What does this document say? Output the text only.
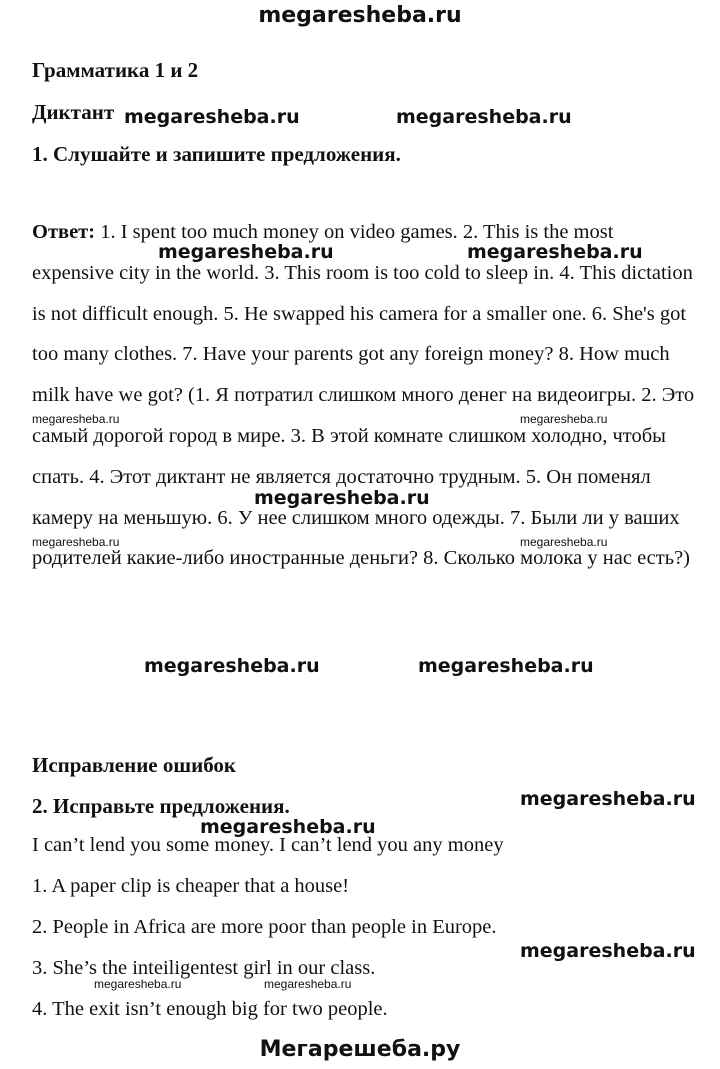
megaresheba.ru
Грамматика 1 и 2
Диктант
1. Слушайте и запишите предложения.
Ответ: 1. I spent too much money on video games. 2. This is the most expensive city in the world. 3. This room is too cold to sleep in. 4. This dictation is not difficult enough. 5. He swapped his camera for a smaller one. 6. She's got too many clothes. 7. Have your parents got any foreign money? 8. How much milk have we got? (1. Я потратил слишком много денег на видеоигры. 2. Это самый дорогой город в мире. 3. В этой комнате слишком холодно, чтобы спать. 4. Этот диктант не является достаточно трудным. 5. Он поменял камеру на меньшую. 6. У нее слишком много одежды. 7. Были ли у ваших родителей какие-либо иностранные деньги? 8. Сколько молока у нас есть?)
Исправление ошибок
2. Исправьте предложения.
I can’t lend you some money. I can’t lend you any money
1. A paper clip is cheaper that a house!
2. People in Africa are more poor than people in Europe.
3. She’s the inteiligentest girl in our class.
4. The exit isn’t enough big for two people.
megaresheba.ru	megaresheba.ru
megaresheba.ru	megaresheba.ru
megaresheba.ru
megaresheba.ru	megaresheba.ru
megaresheba.ru
megaresheba.ru
megaresheba.ru
megaresheba.ru	megaresheba.ru
megaresheba.ru	megaresheba.ru
megaresheba.ru	megaresheba.ru
Мегарешеба.ру
